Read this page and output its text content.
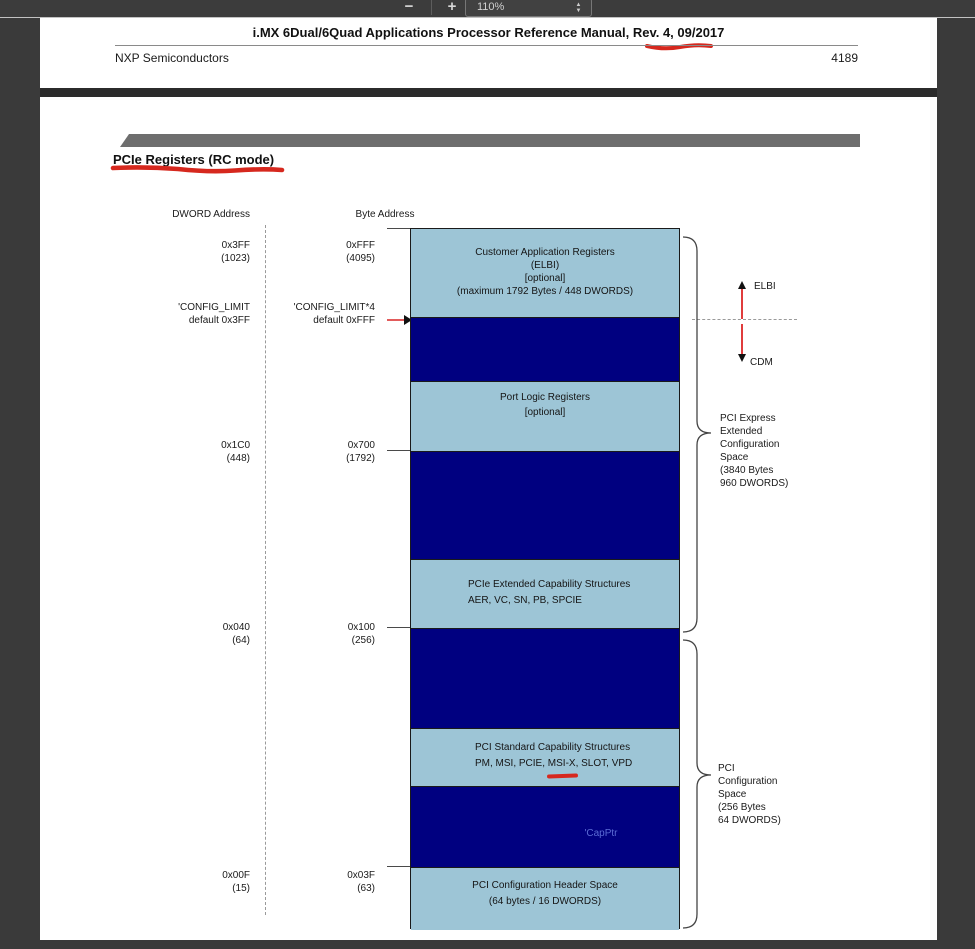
−	+	110%	▲
▼
i.MX 6Dual/6Quad Applications Processor Reference Manual, Rev. 4, 09/2017
NXP Semiconductors	4189
PCIe Registers (RC mode)
DWORD Address	Byte Address
0x3FF
(1023)
0xFFF
(4095)
'CONFIG_LIMIT
default 0x3FF
'CONFIG_LIMIT*4
default 0xFFF
0x1C0
(448)
0x700
(1792)
0x040
(64)
0x100
(256)
0x00F
(15)
0x03F
(63)
Customer Application Registers
(ELBI)
[optional]
(maximum 1792 Bytes / 448 DWORDS)
Port Logic Registers
[optional]
PCIe Extended Capability Structures
AER, VC, SN, PB, SPCIE
PCI Standard Capability Structures
PM, MSI, PCIE, MSI-X, SLOT, VPD
'CapPtr
PCI Configuration Header Space
(64 bytes / 16 DWORDS)
ELBI
CDM
PCI Express
Extended
Configuration
Space
(3840 Bytes
960 DWORDS)
PCI
Configuration
Space
(256 Bytes
64 DWORDS)
